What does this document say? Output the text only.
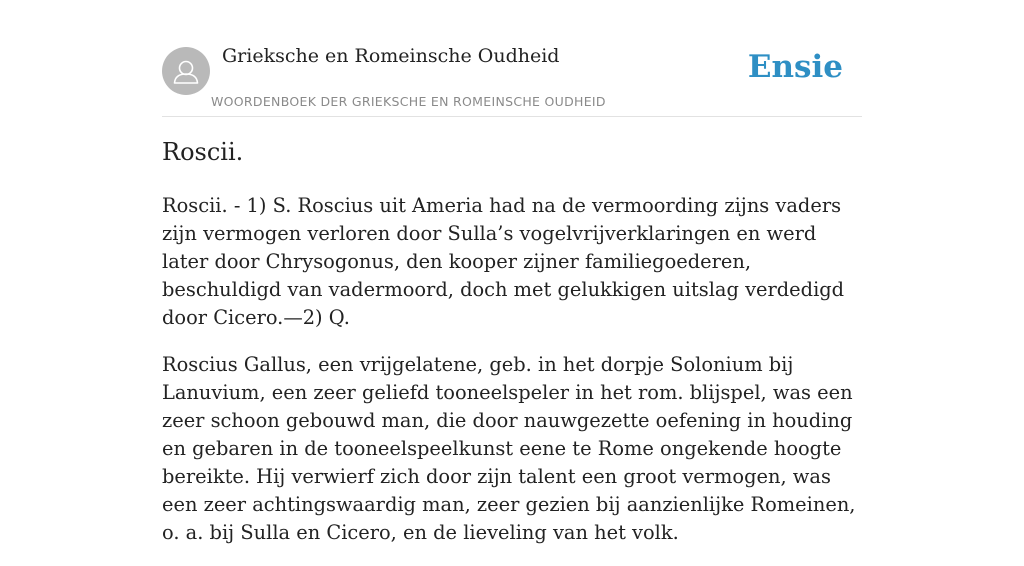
Grieksche en Romeinsche Oudheid
WOORDENBOEK DER GRIEKSCHE EN ROMEINSCHE OUDHEID
Ensie
Roscii.

Roscii. - 1) S. Roscius uit Ameria had na de vermoording zijns vaders zijn vermogen verloren door Sulla’s vogelvrijverklaringen en werd later door Chrysogonus, den kooper zijner familiegoederen, beschuldigd van vadermoord, doch met gelukkigen uitslag verdedigd door Cicero.—2) Q.

Roscius Gallus, een vrijgelatene, geb. in het dorpje Solonium bij Lanuvium, een zeer geliefd tooneelspeler in het rom. blijspel, was een zeer schoon gebouwd man, die door nauwgezette oefening in houding en gebaren in de tooneelspeelkunst eene te Rome ongekende hoogte bereikte. Hij verwierf zich door zijn talent een groot vermogen, was een zeer achtingswaardig man, zeer gezien bij aanzienlijke Romeinen, o. a. bij Sulla en Cicero, en de lieveling van het volk.
